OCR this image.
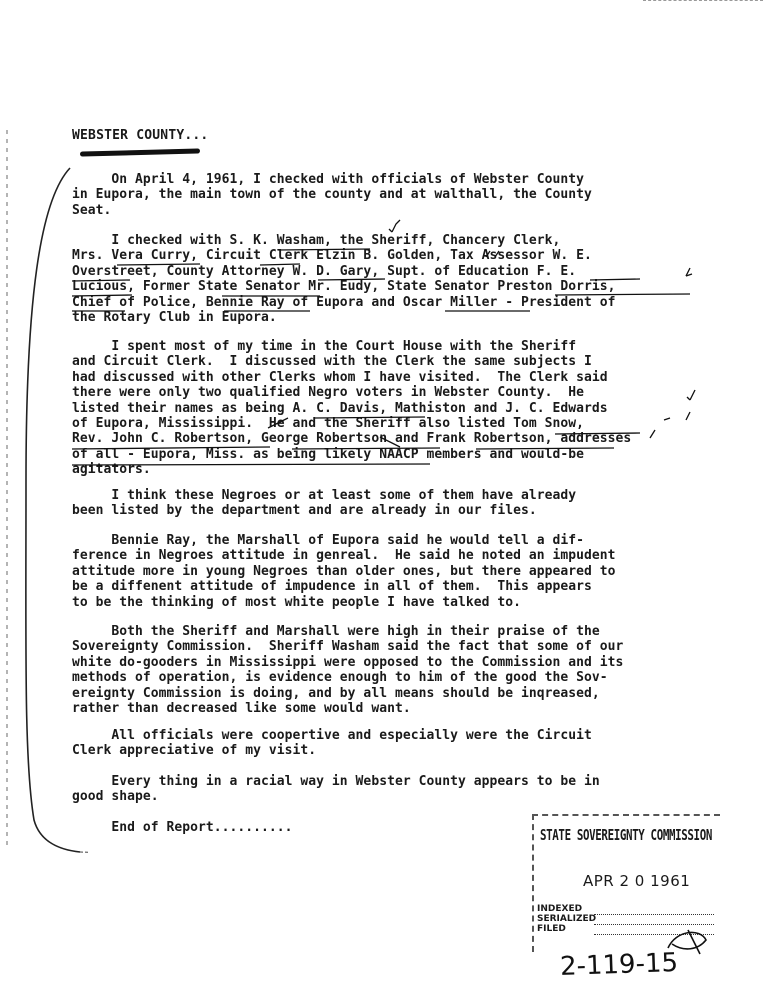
WEBSTER COUNTY...
On April 4, 1961, I checked with officials of Webster County
in Eupora, the main town of the county and at walthall, the County
Seat.
I checked with S. K. Washam, the Sheriff, Chancery Clerk,
Mrs. Vera Curry, Circuit Clerk Elzin B. Golden, Tax Assessor W. E.
Overstreet, County Attorney W. D. Gary, Supt. of Education F. E.
Lucious, Former State Senator Mr. Eudy, State Senator Preston Dorris,
Chief of Police, Bennie Ray of Eupora and Oscar Miller - President of
the Rotary Club in Eupora.
I spent most of my time in the Court House with the Sheriff
and Circuit Clerk.  I discussed with the Clerk the same subjects I
had discussed with other Clerks whom I have visited.  The Clerk said
there were only two qualified Negro voters in Webster County.  He
listed their names as being A. C. Davis, Mathiston and J. C. Edwards
of Eupora, Mississippi.  He and the Sheriff also listed Tom Snow,
Rev. John C. Robertson, George Robertson and Frank Robertson, addresses
of all - Eupora, Miss. as being likely NAACP members and would-be
agitators.
I think these Negroes or at least some of them have already
been listed by the department and are already in our files.
Bennie Ray, the Marshall of Eupora said he would tell a dif-
ference in Negroes attitude in genreal.  He said he noted an impudent
attitude more in young Negroes than older ones, but there appeared to
be a diffenent attitude of impudence in all of them.  This appears
to be the thinking of most white people I have talked to.
Both the Sheriff and Marshall were high in their praise of the
Sovereignty Commission.  Sheriff Washam said the fact that some of our
white do-gooders in Mississippi were opposed to the Commission and its
methods of operation, is evidence enough to him of the good the Sov-
ereignty Commission is doing, and by all means should be inqreased,
rather than decreased like some would want.
All officials were coopertive and especially were the Circuit
Clerk appreciative of my visit.
Every thing in a racial way in Webster County appears to be in
good shape.
End of Report..........	STATE SOVEREIGNTY COMMISSION
APR 2 0 1961
INDEXED
SERIALIZED
FILED
2-119-15
